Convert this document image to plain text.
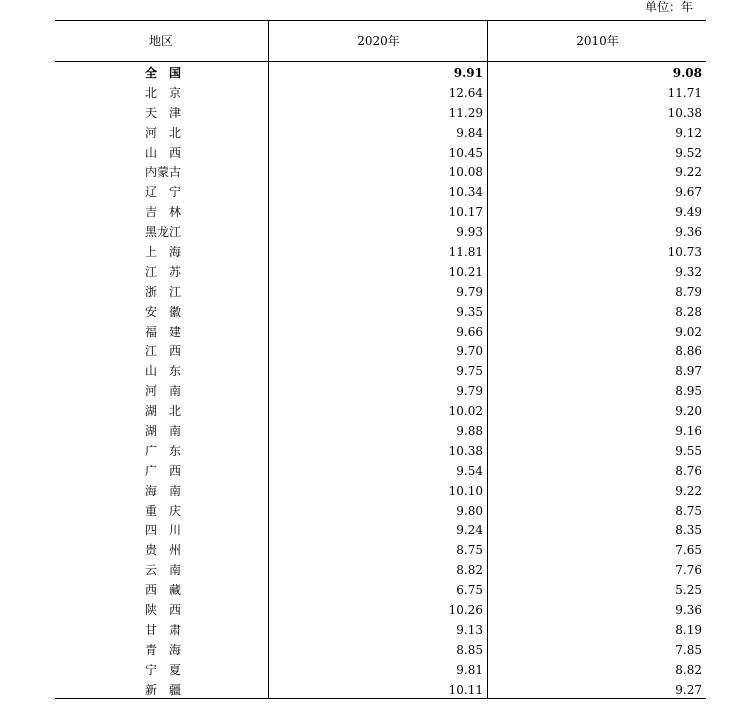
单位：年
地区	2020年	2010年
全国	9.91	9.08
北京	12.64	11.71
天津	11.29	10.38
河北	9.84	9.12
山西	10.45	9.52
内蒙古	10.08	9.22
辽宁	10.34	9.67
吉林	10.17	9.49
黑龙江	9.93	9.36
上海	11.81	10.73
江苏	10.21	9.32
浙江	9.79	8.79
安徽	9.35	8.28
福建	9.66	9.02
江西	9.70	8.86
山东	9.75	8.97
河南	9.79	8.95
湖北	10.02	9.20
湖南	9.88	9.16
广东	10.38	9.55
广西	9.54	8.76
海南	10.10	9.22
重庆	9.80	8.75
四川	9.24	8.35
贵州	8.75	7.65
云南	8.82	7.76
西藏	6.75	5.25
陕西	10.26	9.36
甘肃	9.13	8.19
青海	8.85	7.85
宁夏	9.81	8.82
新疆	10.11	9.27
